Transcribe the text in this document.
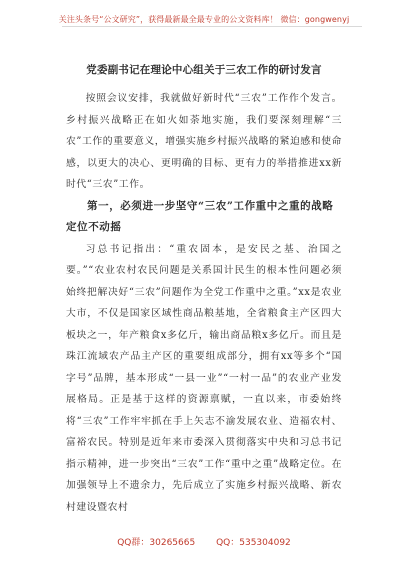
关注头条号“公文研究”，获得最新最全最专业的公文资料库！ 微信：gongwenyj
党委副书记在理论中心组关于三农工作的研讨发言

按照会议安排，我就做好新时代“三农”工作作个发言。乡村振兴战略正在如火如荼地实施，我们要深刻理解“三农”工作的重要意义，增强实施乡村振兴战略的紧迫感和使命感，以更大的决心、更明确的目标、更有力的举措推进xx新时代“三农”工作。

第一，必须进一步坚守“三农”工作重中之重的战略定位不动摇

习总书记指出：“重农固本，是安民之基、治国之要。”“农业农村农民问题是关系国计民生的根本性问题必须始终把解决好“三农”问题作为全党工作重中之重。”xx是农业大市，不仅是国家区域性商品粮基地，全省粮食主产区四大板块之一，年产粮食x多亿斤，输出商品粮x多亿斤。而且是珠江流域农产品主产区的重要组成部分，拥有xx等多个“国字号”品牌，基本形成“一县一业”“一村一品”的农业产业发展格局。正是基于这样的资源禀赋，一直以来，市委始终将“三农”工作牢牢抓在手上矢志不渝发展农业、造福农村、富裕农民。特别是近年来市委深入贯彻落实中央和习总书记指示精神，进一步突出“三农”工作“重中之重”战略定位。在加强领导上不遗余力，先后成立了实施乡村振兴战略、新农村建设暨农村

QQ群：30265665 QQ：535304092
